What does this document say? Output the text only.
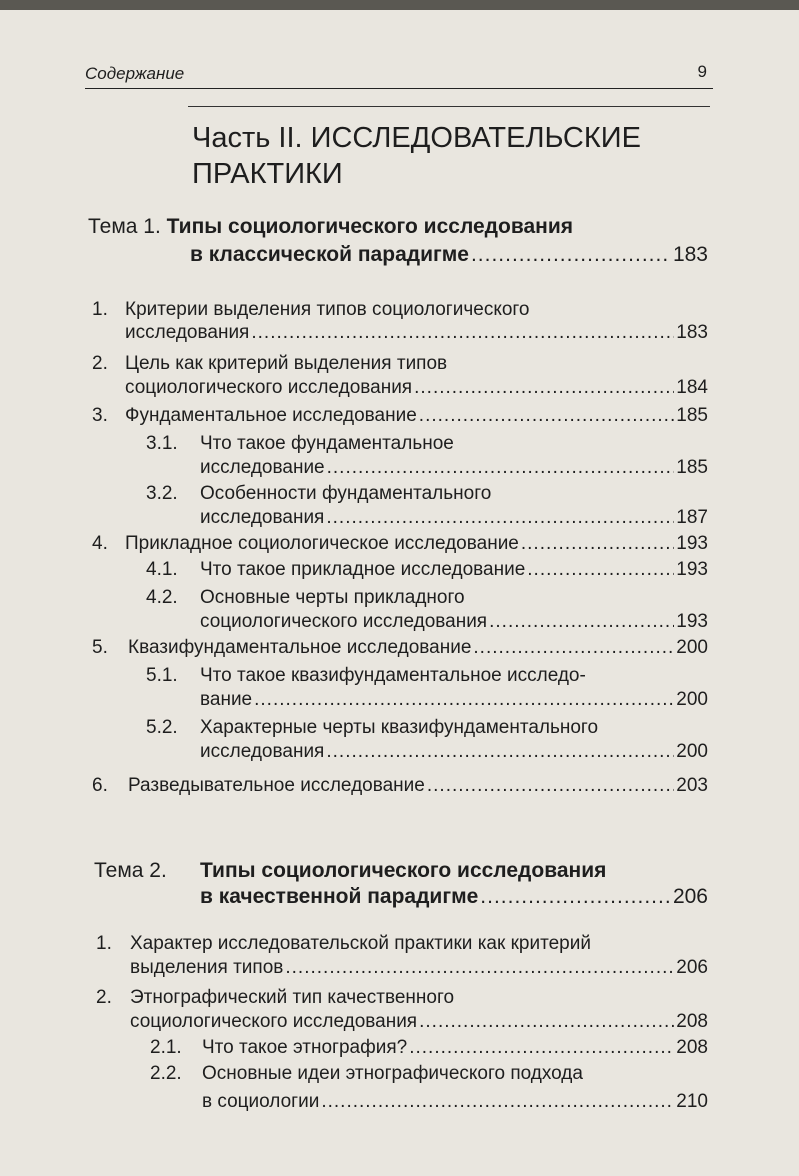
Содержание	9
Часть II. ИССЛЕДОВАТЕЛЬСКИЕ
ПРАКТИКИ
Тема 1. Типы социологического исследования
в классической парадигме .....	183
1. Критерии выделения типов социологического
исследования .....	183
2. Цель как критерий выделения типов
социологического исследования .....	184
3. Фундаментальное исследование .....	185
3.1. Что такое фундаментальное
исследование .....	185
3.2. Особенности фундаментального
исследования .....	187
4. Прикладное социологическое исследование .....	193
4.1. Что такое прикладное исследование .....	193
4.2. Основные черты прикладного
социологического исследования .....	193
5. Квазифундаментальное исследование .....	200
5.1. Что такое квазифундаментальное исследо-
вание .....	200
5.2. Характерные черты квазифундаментального
исследования .....	200
6. Разведывательное исследование .....	203
Тема 2. Типы социологического исследования
в качественной парадигме .....	206
1. Характер исследовательской практики как критерий
выделения типов .....	206
2. Этнографический тип качественного
социологического исследования .....	208
2.1. Что такое этнография? .....	208
2.2. Основные идеи этнографического подхода
в социологии .....	210
